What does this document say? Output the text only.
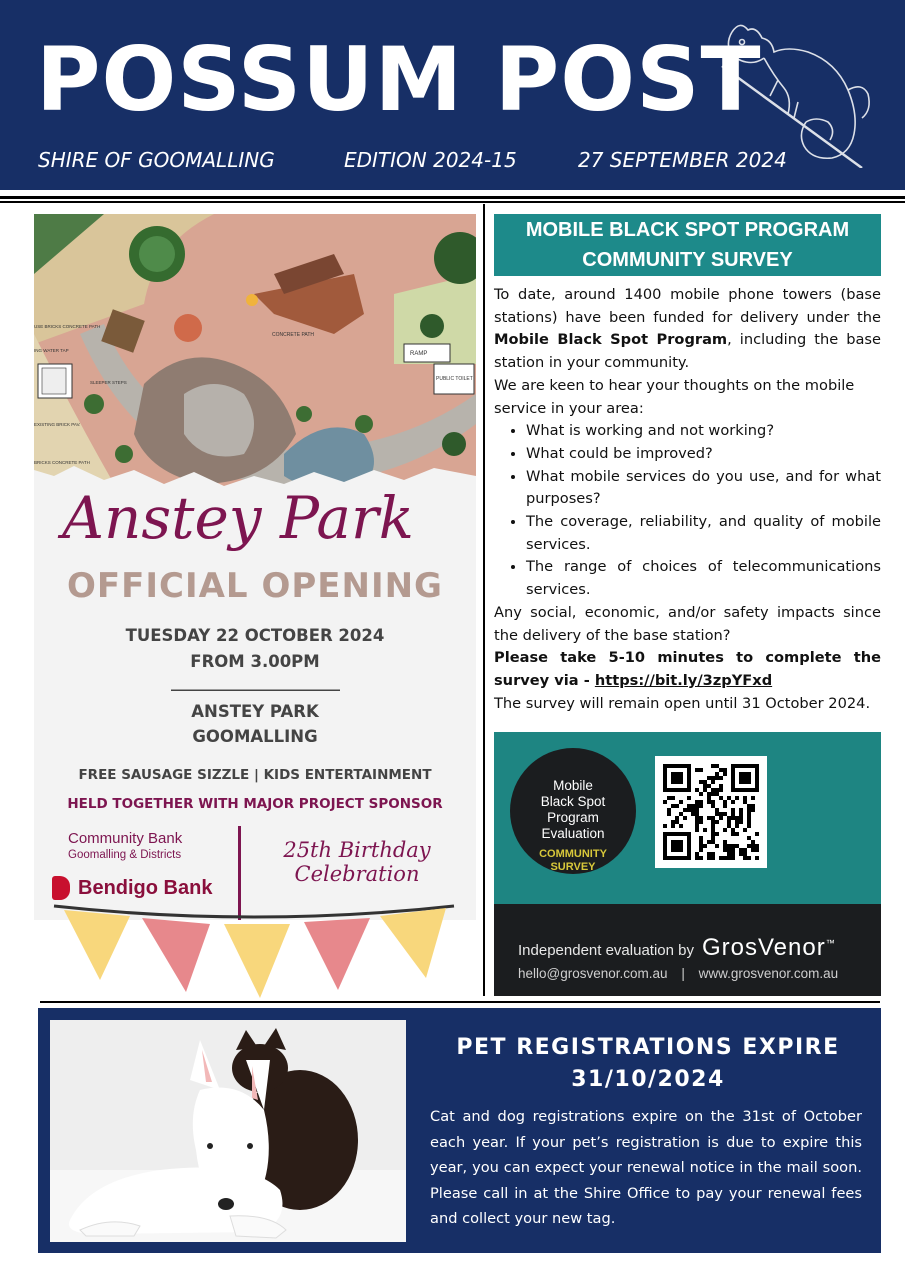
POSSUM POST
SHIRE OF GOOMALLING	EDITION 2024-15	27 SEPTEMBER 2024
CONCRETE PATH
RAMP
PUBLIC TOILET
SLEEPER STEPS
EXISTING BRICK PAV.
BRICKS CONCRETE PATH
ING WATER TAP
USE BRICKS CONCRETE PATH
Anstey Park
OFFICIAL OPENING
TUESDAY 22 OCTOBER 2024
FROM 3.00PM
________________________
ANSTEY PARK
GOOMALLING
FREE SAUSAGE SIZZLE | KIDS ENTERTAINMENT
HELD TOGETHER WITH MAJOR PROJECT SPONSOR
Community Bank
Goomalling & Districts
Bendigo Bank
25th Birthday
Celebration
MOBILE BLACK SPOT PROGRAM
COMMUNITY SURVEY

To date, around 1400 mobile phone towers (base stations) have been funded for delivery under the Mobile Black Spot Program, including the base station in your community.

We are keen to hear your thoughts on the mobile service in your area:

• What is working and not working?
• What could be improved?
• What mobile services do you use, and for what purposes?
• The coverage, reliability, and quality of mobile services.
• The range of choices of telecommunications services.

Any social, economic, and/or safety impacts since the delivery of the base station?

Please take 5-10 minutes to complete the survey via - https://bit.ly/3zpYFxd

The survey will remain open until 31 October 2024.

Mobile
Black Spot
Program
Evaluation
COMMUNITY
SURVEY
Independent evaluation by GrosVenor™
hello@grosvenor.com.au | www.grosvenor.com.au
PET REGISTRATIONS EXPIRE
31/10/2024

Cat and dog registrations expire on the 31st of October each year. If your pet’s registration is due to expire this year, you can expect your renewal notice in the mail soon. Please call in at the Shire Office to pay your renewal fees and collect your new tag.
